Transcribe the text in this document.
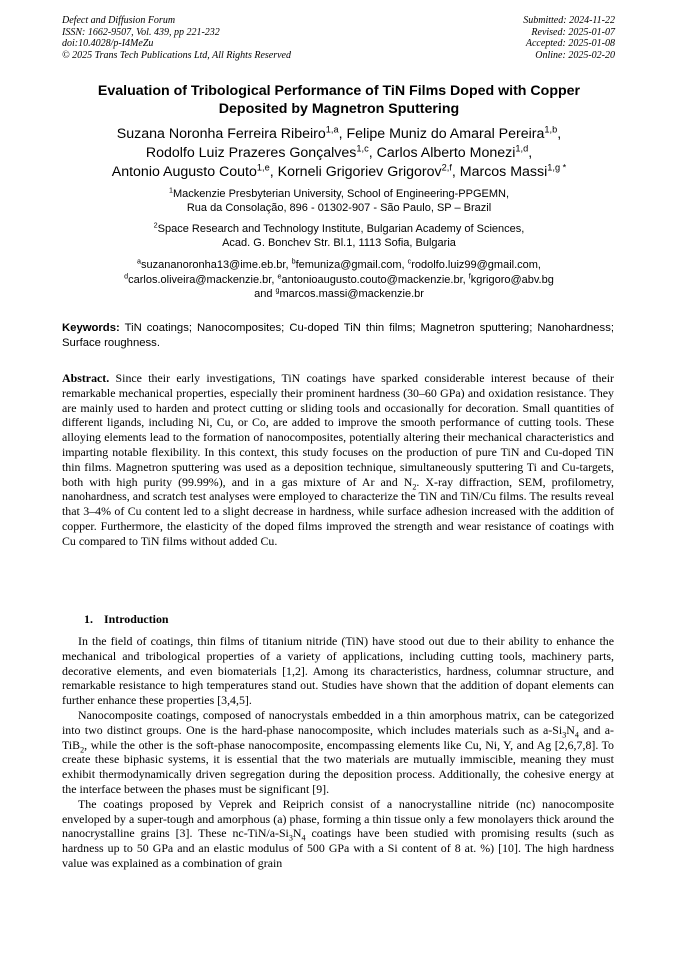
Defect and Diffusion Forum
ISSN: 1662-9507, Vol. 439, pp 221-232
doi:10.4028/p-I4MeZu
© 2025 Trans Tech Publications Ltd, All Rights Reserved
Submitted: 2024-11-22
Revised: 2025-01-07
Accepted: 2025-01-08
Online: 2025-02-20
Evaluation of Tribological Performance of TiN Films Doped with Copper
Deposited by Magnetron Sputtering
Suzana Noronha Ferreira Ribeiro$^{1,a}$, Felipe Muniz do Amaral Pereira$^{1,b}$,
Rodolfo Luiz Prazeres Gonçalves$^{1,c}$, Carlos Alberto Monezi$^{1,d}$,
Antonio Augusto Couto$^{1,e}$, Korneli Grigoriev Grigorov$^{2,f}$, Marcos Massi$^{1,g *}$
$^1$Mackenzie Presbyterian University, School of Engineering-PPGEMN,
Rua da Consolação, 896 - 01302-907 - São Paulo, SP – Brazil
$^2$Space Research and Technology Institute, Bulgarian Academy of Sciences,
Acad. G. Bonchev Str. Bl.1, 1113 Sofia, Bulgaria
$^a$suzananoronha13@ime.eb.br, $^b$femuniza@gmail.com, $^c$rodolfo.luiz99@gmail.com,
$^d$carlos.oliveira@mackenzie.br, $^e$antonioaugusto.couto@mackenzie.br, $^f$kgrigoro@abv.bg
and $^g$marcos.massi@mackenzie.br
Keywords: TiN coatings; Nanocomposites; Cu-doped TiN thin films; Magnetron sputtering; Nanohardness; Surface roughness.
Abstract. Since their early investigations, TiN coatings have sparked considerable interest because of their remarkable mechanical properties, especially their prominent hardness (30–60 GPa) and oxidation resistance. They are mainly used to harden and protect cutting or sliding tools and occasionally for decoration. Small quantities of different ligands, including Ni, Cu, or Co, are added to improve the smooth performance of cutting tools. These alloying elements lead to the formation of nanocomposites, potentially altering their mechanical characteristics and imparting notable flexibility. In this context, this study focuses on the production of pure TiN and Cu-doped TiN thin films. Magnetron sputtering was used as a deposition technique, simultaneously sputtering Ti and Cu-targets, both with high purity (99.99%), and in a gas mixture of Ar and $N_2$. X-ray diffraction, SEM, profilometry, nanohardness, and scratch test analyses were employed to characterize the TiN and TiN/Cu films. The results reveal that 3–4% of Cu content led to a slight decrease in hardness, while surface adhesion increased with the addition of copper. Furthermore, the elasticity of the doped films improved the strength and wear resistance of coatings with Cu compared to TiN films without added Cu.
1. Introduction

In the field of coatings, thin films of titanium nitride (TiN) have stood out due to their ability to enhance the mechanical and tribological properties of a variety of applications, including cutting tools, machinery parts, decorative elements, and even biomaterials [1,2]. Among its characteristics, hardness, columnar structure, and remarkable resistance to high temperatures stand out. Studies have shown that the addition of dopant elements can further enhance these properties [3,4,5].

Nanocomposite coatings, composed of nanocrystals embedded in a thin amorphous matrix, can be categorized into two distinct groups. One is the hard-phase nanocomposite, which includes materials such as $a-Si_3N_4$ and a-TiB$_2$, while the other is the soft-phase nanocomposite, encompassing elements like Cu, Ni, Y, and Ag [2,6,7,8]. To create these biphasic systems, it is essential that the two materials are mutually immiscible, meaning they must exhibit thermodynamically driven segregation during the deposition process. Additionally, the cohesive energy at the interface between the phases must be significant [9].

The coatings proposed by Veprek and Reiprich consist of a nanocrystalline nitride (nc) nanocomposite enveloped by a super-tough and amorphous (a) phase, forming a thin tissue only a few monolayers thick around the nanocrystalline grains [3]. These $nc-TiN/a-Si_3N_4$ coatings have been studied with promising results (such as hardness up to 50 GPa and an elastic modulus of 500 GPa with a Si content of 8 at. %) [10]. The high hardness value was explained as a combination of grain
